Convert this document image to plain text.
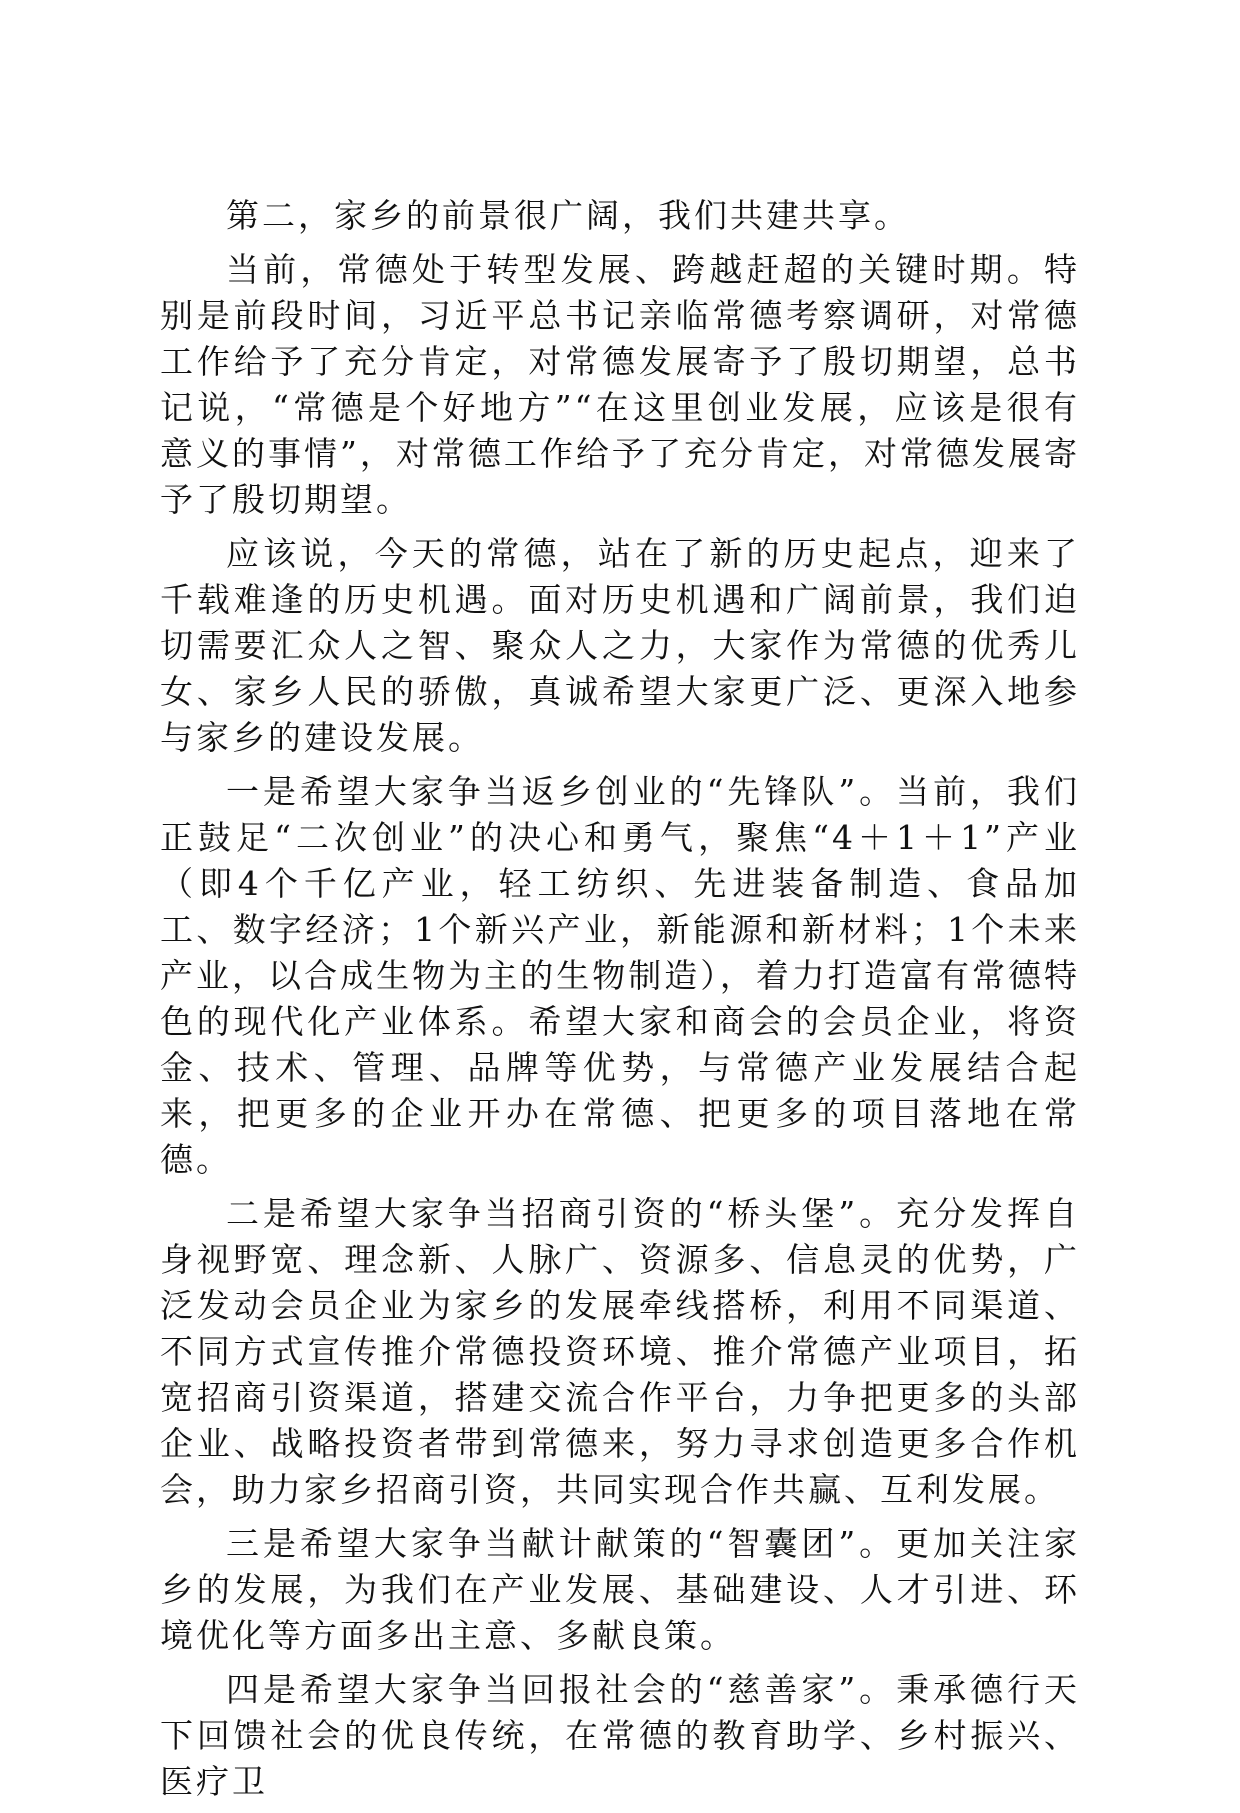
第二，家乡的前景很广阔，我们共建共享。

当前，常德处于转型发展、跨越赶超的关键时期。特别是前段时间，习近平总书记亲临常德考察调研，对常德工作给予了充分肯定，对常德发展寄予了殷切期望，总书记说，“常德是个好地方”“在这里创业发展，应该是很有意义的事情”，对常德工作给予了充分肯定，对常德发展寄予了殷切期望。

应该说，今天的常德，站在了新的历史起点，迎来了千载难逢的历史机遇。面对历史机遇和广阔前景，我们迫切需要汇众人之智、聚众人之力，大家作为常德的优秀儿女、家乡人民的骄傲，真诚希望大家更广泛、更深入地参与家乡的建设发展。

一是希望大家争当返乡创业的“先锋队”。当前，我们正鼓足“二次创业”的决心和勇气，聚焦“4＋1＋1”产业（即4个千亿产业，轻工纺织、先进装备制造、食品加工、数字经济；1个新兴产业，新能源和新材料；1个未来产业，以合成生物为主的生物制造），着力打造富有常德特色的现代化产业体系。希望大家和商会的会员企业，将资金、技术、管理、品牌等优势，与常德产业发展结合起来，把更多的企业开办在常德、把更多的项目落地在常德。

二是希望大家争当招商引资的“桥头堡”。充分发挥自身视野宽、理念新、人脉广、资源多、信息灵的优势，广泛发动会员企业为家乡的发展牵线搭桥，利用不同渠道、不同方式宣传推介常德投资环境、推介常德产业项目，拓宽招商引资渠道，搭建交流合作平台，力争把更多的头部企业、战略投资者带到常德来，努力寻求创造更多合作机会，助力家乡招商引资，共同实现合作共赢、互利发展。

三是希望大家争当献计献策的“智囊团”。更加关注家乡的发展，为我们在产业发展、基础建设、人才引进、环境优化等方面多出主意、多献良策。

四是希望大家争当回报社会的“慈善家”。秉承德行天下回馈社会的优良传统，在常德的教育助学、乡村振兴、医疗卫
